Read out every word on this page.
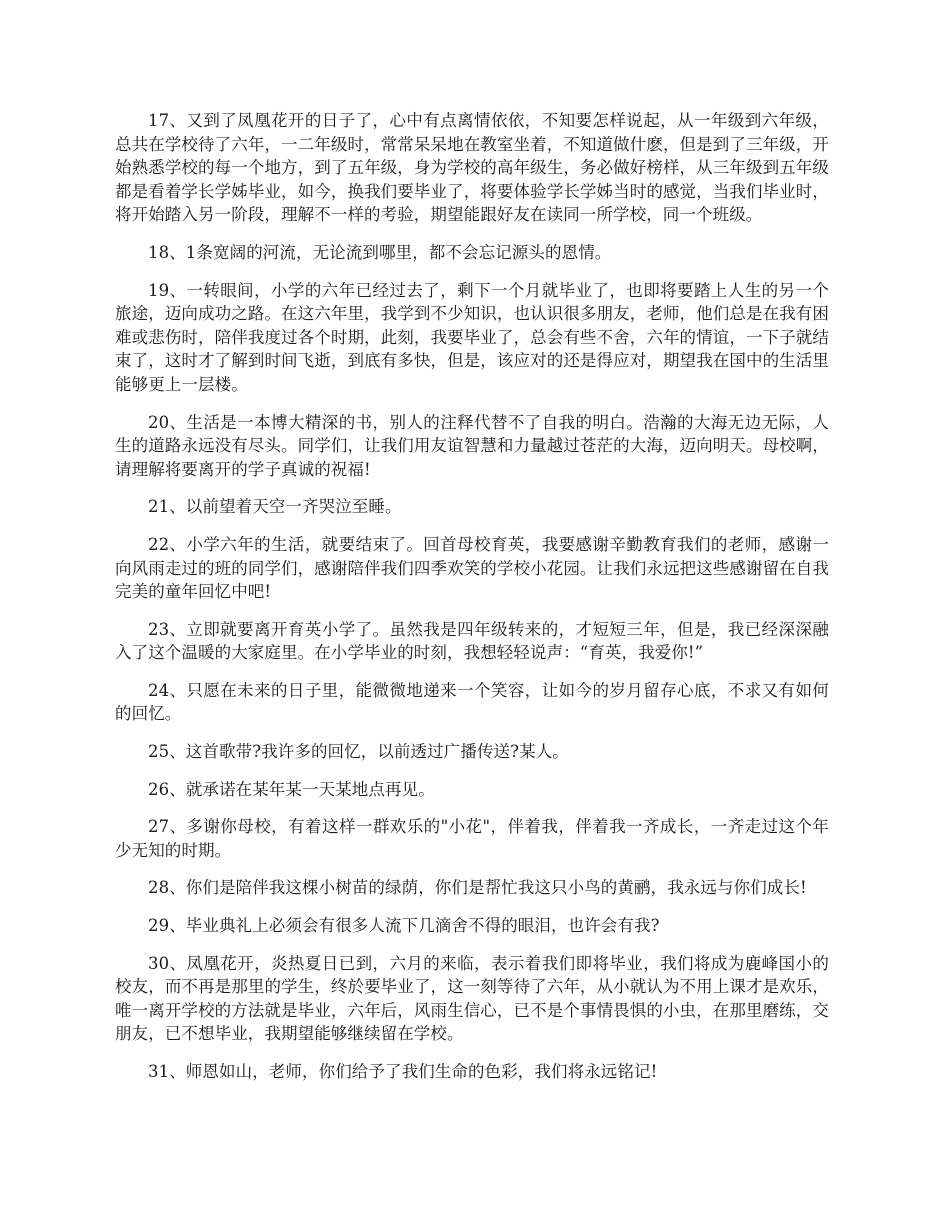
17、又到了凤凰花开的日子了，心中有点离情依依，不知要怎样说起，从一年级到六年级，总共在学校待了六年，一二年级时，常常呆呆地在教室坐着，不知道做什麽，但是到了三年级，开始熟悉学校的每一个地方，到了五年级，身为学校的高年级生，务必做好榜样，从三年级到五年级都是看着学长学姊毕业，如今，换我们要毕业了，将要体验学长学姊当时的感觉，当我们毕业时，将开始踏入另一阶段，理解不一样的考验，期望能跟好友在读同一所学校，同一个班级。

18、1条宽阔的河流，无论流到哪里，都不会忘记源头的恩情。

19、一转眼间，小学的六年已经过去了，剩下一个月就毕业了，也即将要踏上人生的另一个旅途，迈向成功之路。在这六年里，我学到不少知识，也认识很多朋友，老师，他们总是在我有困难或悲伤时，陪伴我度过各个时期，此刻，我要毕业了，总会有些不舍，六年的情谊，一下子就结束了，这时才了解到时间飞逝，到底有多快，但是，该应对的还是得应对，期望我在国中的生活里能够更上一层楼。

20、生活是一本博大精深的书，别人的注释代替不了自我的明白。浩瀚的大海无边无际，人生的道路永远没有尽头。同学们，让我们用友谊智慧和力量越过苍茫的大海，迈向明天。母校啊，请理解将要离开的学子真诚的祝福!

21、以前望着天空一齐哭泣至睡。

22、小学六年的生活，就要结束了。回首母校育英，我要感谢辛勤教育我们的老师，感谢一向风雨走过的班的同学们，感谢陪伴我们四季欢笑的学校小花园。让我们永远把这些感谢留在自我完美的童年回忆中吧!

23、立即就要离开育英小学了。虽然我是四年级转来的，才短短三年，但是，我已经深深融入了这个温暖的大家庭里。在小学毕业的时刻，我想轻轻说声：“育英，我爱你!”

24、只愿在未来的日子里，能微微地递来一个笑容，让如今的岁月留存心底，不求又有如何的回忆。

25、这首歌带?我许多的回忆，以前透过广播传送?某人。

26、就承诺在某年某一天某地点再见。

27、多谢你母校，有着这样一群欢乐的"小花"，伴着我，伴着我一齐成长，一齐走过这个年少无知的时期。

28、你们是陪伴我这棵小树苗的绿荫，你们是帮忙我这只小鸟的黄鹂，我永远与你们成长!

29、毕业典礼上必须会有很多人流下几滴舍不得的眼泪，也许会有我?

30、凤凰花开，炎热夏日已到，六月的来临，表示着我们即将毕业，我们将成为鹿峰国小的校友，而不再是那里的学生，终於要毕业了，这一刻等待了六年，从小就认为不用上课才是欢乐，唯一离开学校的方法就是毕业，六年后，风雨生信心，已不是个事情畏惧的小虫，在那里磨练，交朋友，已不想毕业，我期望能够继续留在学校。

31、师恩如山，老师，你们给予了我们生命的色彩，我们将永远铭记!
